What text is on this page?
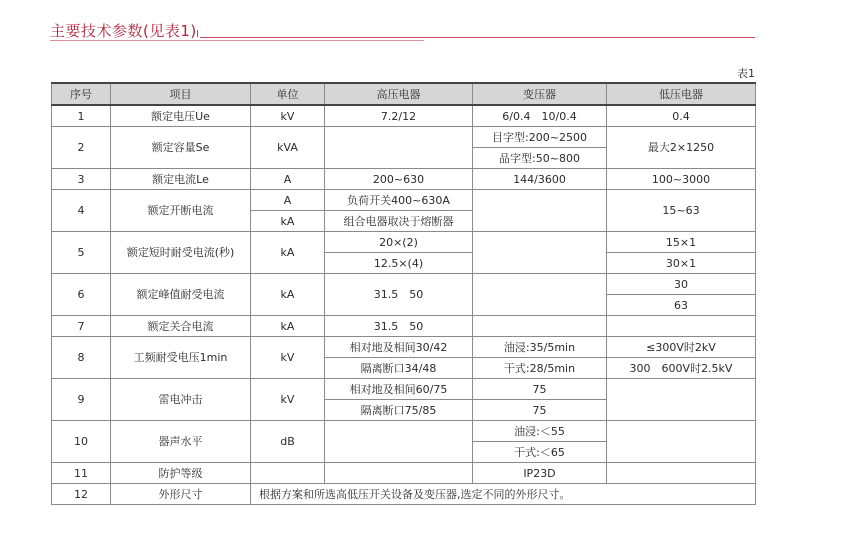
主要技术参数(见表1)
表1
序号	项目	单位	高压电器	变压器	低压电器
1	额定电压Ue	kV	7.2/12	6/0.4　10/0.4	0.4
2	额定容量Se	kVA		目字型:200~2500	最大2×1250
				品字型:50~800	
3	额定电流Le	A	200~630	144/3600	100~3000
4	额定开断电流	A	负荷开关400~630A		15~63
		kA	组合电器取决于熔断器		
5	额定短时耐受电流(秒)	kA	20×(2)		15×1
			12.5×(4)		30×1
6	额定峰值耐受电流	kA	31.5　50		30
					63
7	额定关合电流	kA	31.5　50		
8	工频耐受电压1min	kV	相对地及相间30/42	油浸:35/5min	≤300V时2kV
			隔离断口34/48	干式:28/5min	300　600V时2.5kV
9	雷电冲击	kV	相对地及相间60/75	75	
			隔离断口75/85	75	
10	器声水平	dB		油浸:＜55	
				干式:＜65	
11	防护等级			IP23D	
12	外形尺寸	根据方案和所选高低压开关设备及变压器,选定不同的外形尺寸。			
